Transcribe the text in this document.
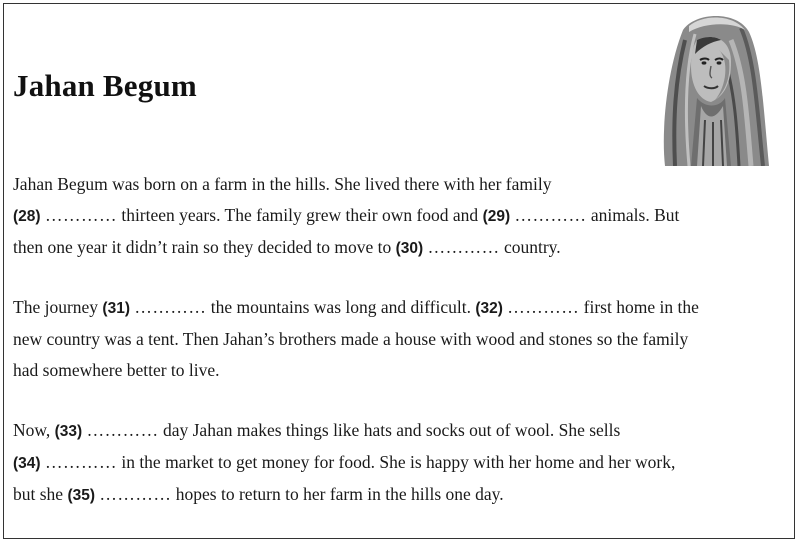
Jahan Begum

Jahan Begum was born on a farm in the hills. She lived there with her family
(28) ………… thirteen years. The family grew their own food and (29) ………… animals. But
then one year it didn’t rain so they decided to move to (30) ………… country.

The journey (31) ………… the mountains was long and difficult. (32) ………… first home in the
new country was a tent. Then Jahan’s brothers made a house with wood and stones so the family
had somewhere better to live.

Now, (33) ………… day Jahan makes things like hats and socks out of wool. She sells
(34) ………… in the market to get money for food. She is happy with her home and her work,
but she (35) ………… hopes to return to her farm in the hills one day.
